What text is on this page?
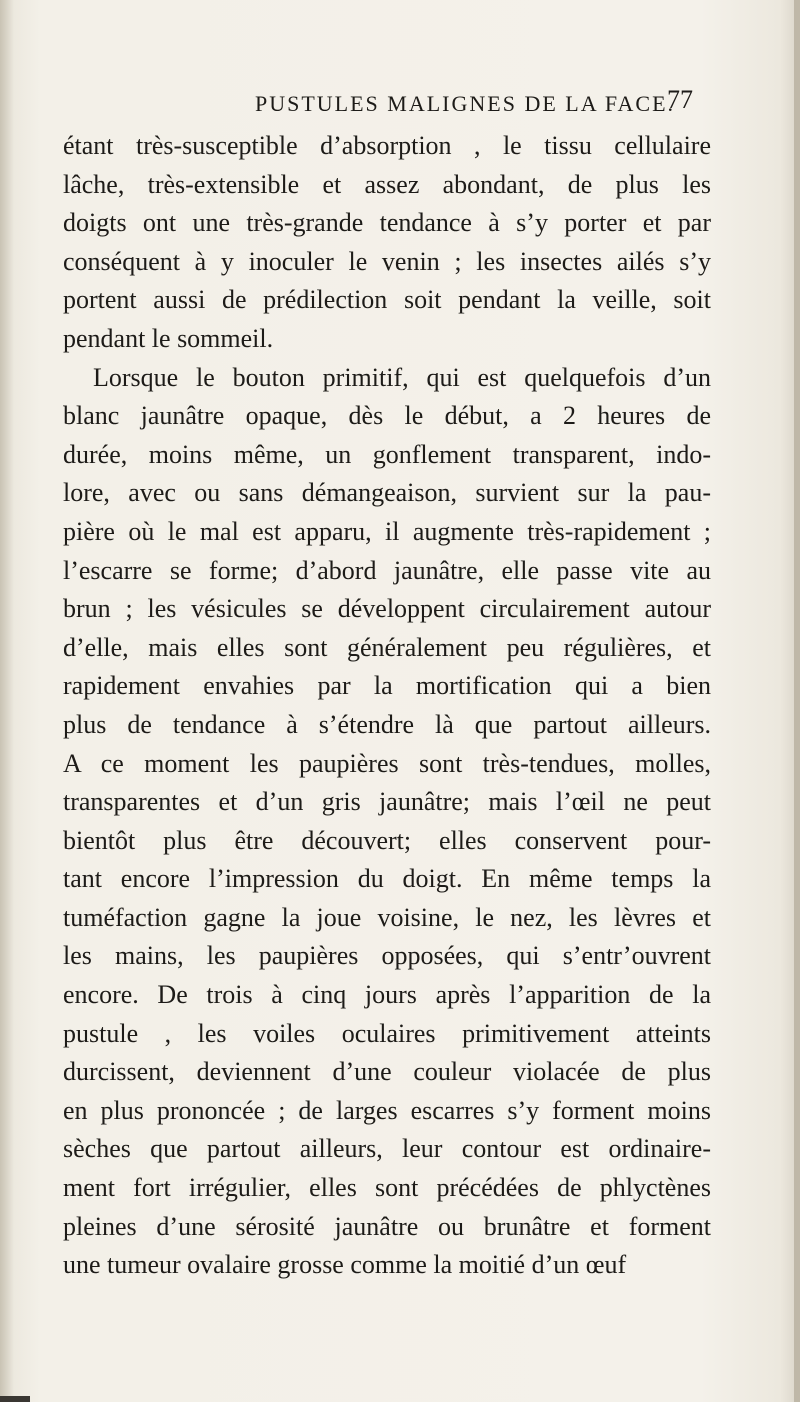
PUSTULES MALIGNES DE LA FACE.
77
étant très-susceptible d’absorption , le tissu cellulaire
lâche, très-extensible et assez abondant, de plus les
doigts ont une très-grande tendance à s’y porter et par
conséquent à y inoculer le venin ; les insectes ailés s’y
portent aussi de prédilection soit pendant la veille, soit
pendant le sommeil.
Lorsque le bouton primitif, qui est quelquefois d’un
blanc jaunâtre opaque, dès le début, a 2 heures de
durée, moins même, un gonflement transparent, indo-
lore, avec ou sans démangeaison, survient sur la pau-
pière où le mal est apparu, il augmente très-rapidement ;
l’escarre se forme; d’abord jaunâtre, elle passe vite au
brun ; les vésicules se développent circulairement autour
d’elle, mais elles sont généralement peu régulières, et
rapidement envahies par la mortification qui a bien
plus de tendance à s’étendre là que partout ailleurs.
A ce moment les paupières sont très-tendues, molles,
transparentes et d’un gris jaunâtre; mais l’œil ne peut
bientôt plus être découvert; elles conservent pour-
tant encore l’impression du doigt. En même temps la
tuméfaction gagne la joue voisine, le nez, les lèvres et
les mains, les paupières opposées, qui s’entr’ouvrent
encore. De trois à cinq jours après l’apparition de la
pustule , les voiles oculaires primitivement atteints
durcissent, deviennent d’une couleur violacée de plus
en plus prononcée ; de larges escarres s’y forment moins
sèches que partout ailleurs, leur contour est ordinaire-
ment fort irrégulier, elles sont précédées de phlyctènes
pleines d’une sérosité jaunâtre ou brunâtre et forment
une tumeur ovalaire grosse comme la moitié d’un œuf
